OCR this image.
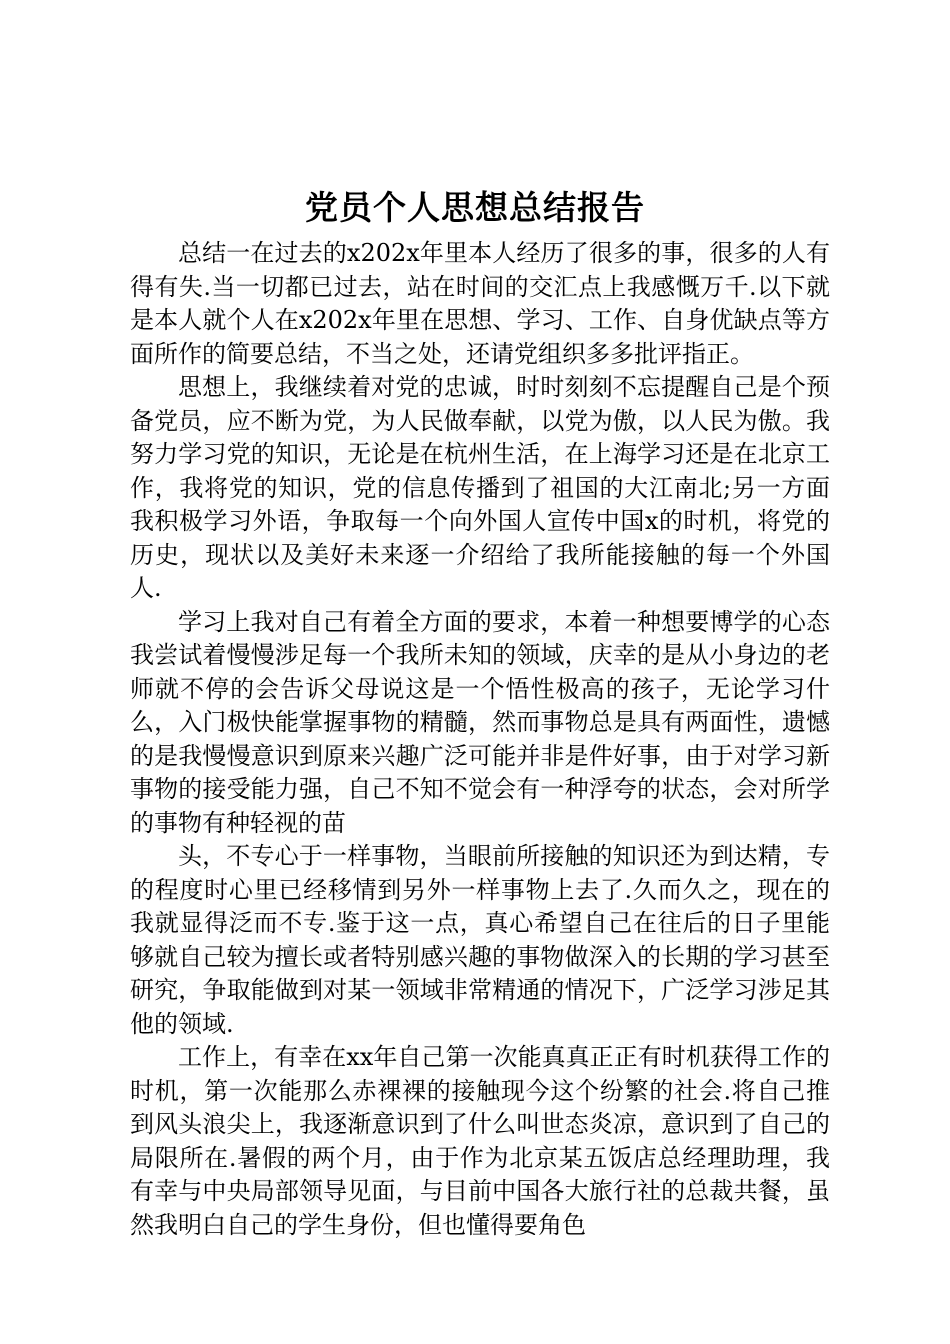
党员个人思想总结报告

总结一在过去的x202x年里本人经历了很多的事，很多的人有得有失.当一切都已过去，站在时间的交汇点上我感慨万千.以下就是本人就个人在x202x年里在思想、学习、工作、自身优缺点等方面所作的简要总结，不当之处，还请党组织多多批评指正。

思想上，我继续着对党的忠诚，时时刻刻不忘提醒自己是个预备党员，应不断为党，为人民做奉献，以党为傲，以人民为傲。我努力学习党的知识，无论是在杭州生活，在上海学习还是在北京工作，我将党的知识，党的信息传播到了祖国的大江南北;另一方面我积极学习外语，争取每一个向外国人宣传中国x的时机，将党的历史，现状以及美好未来逐一介绍给了我所能接触的每一个外国人.

学习上我对自己有着全方面的要求，本着一种想要博学的心态我尝试着慢慢涉足每一个我所未知的领域，庆幸的是从小身边的老师就不停的会告诉父母说这是一个悟性极高的孩子，无论学习什么，入门极快能掌握事物的精髓，然而事物总是具有两面性，遗憾的是我慢慢意识到原来兴趣广泛可能并非是件好事，由于对学习新事物的接受能力强，自己不知不觉会有一种浮夸的状态，会对所学的事物有种轻视的苗

头，不专心于一样事物，当眼前所接触的知识还为到达精，专的程度时心里已经移情到另外一样事物上去了.久而久之，现在的我就显得泛而不专.鉴于这一点，真心希望自己在往后的日子里能够就自己较为擅长或者特别感兴趣的事物做深入的长期的学习甚至研究，争取能做到对某一领域非常精通的情况下，广泛学习涉足其他的领域.

工作上，有幸在xx年自己第一次能真真正正有时机获得工作的时机，第一次能那么赤裸裸的接触现今这个纷繁的社会.将自己推到风头浪尖上，我逐渐意识到了什么叫世态炎凉，意识到了自己的局限所在.暑假的两个月，由于作为北京某五饭店总经理助理，我有幸与中央局部领导见面，与目前中国各大旅行社的总裁共餐，虽然我明白自己的学生身份，但也懂得要角色
